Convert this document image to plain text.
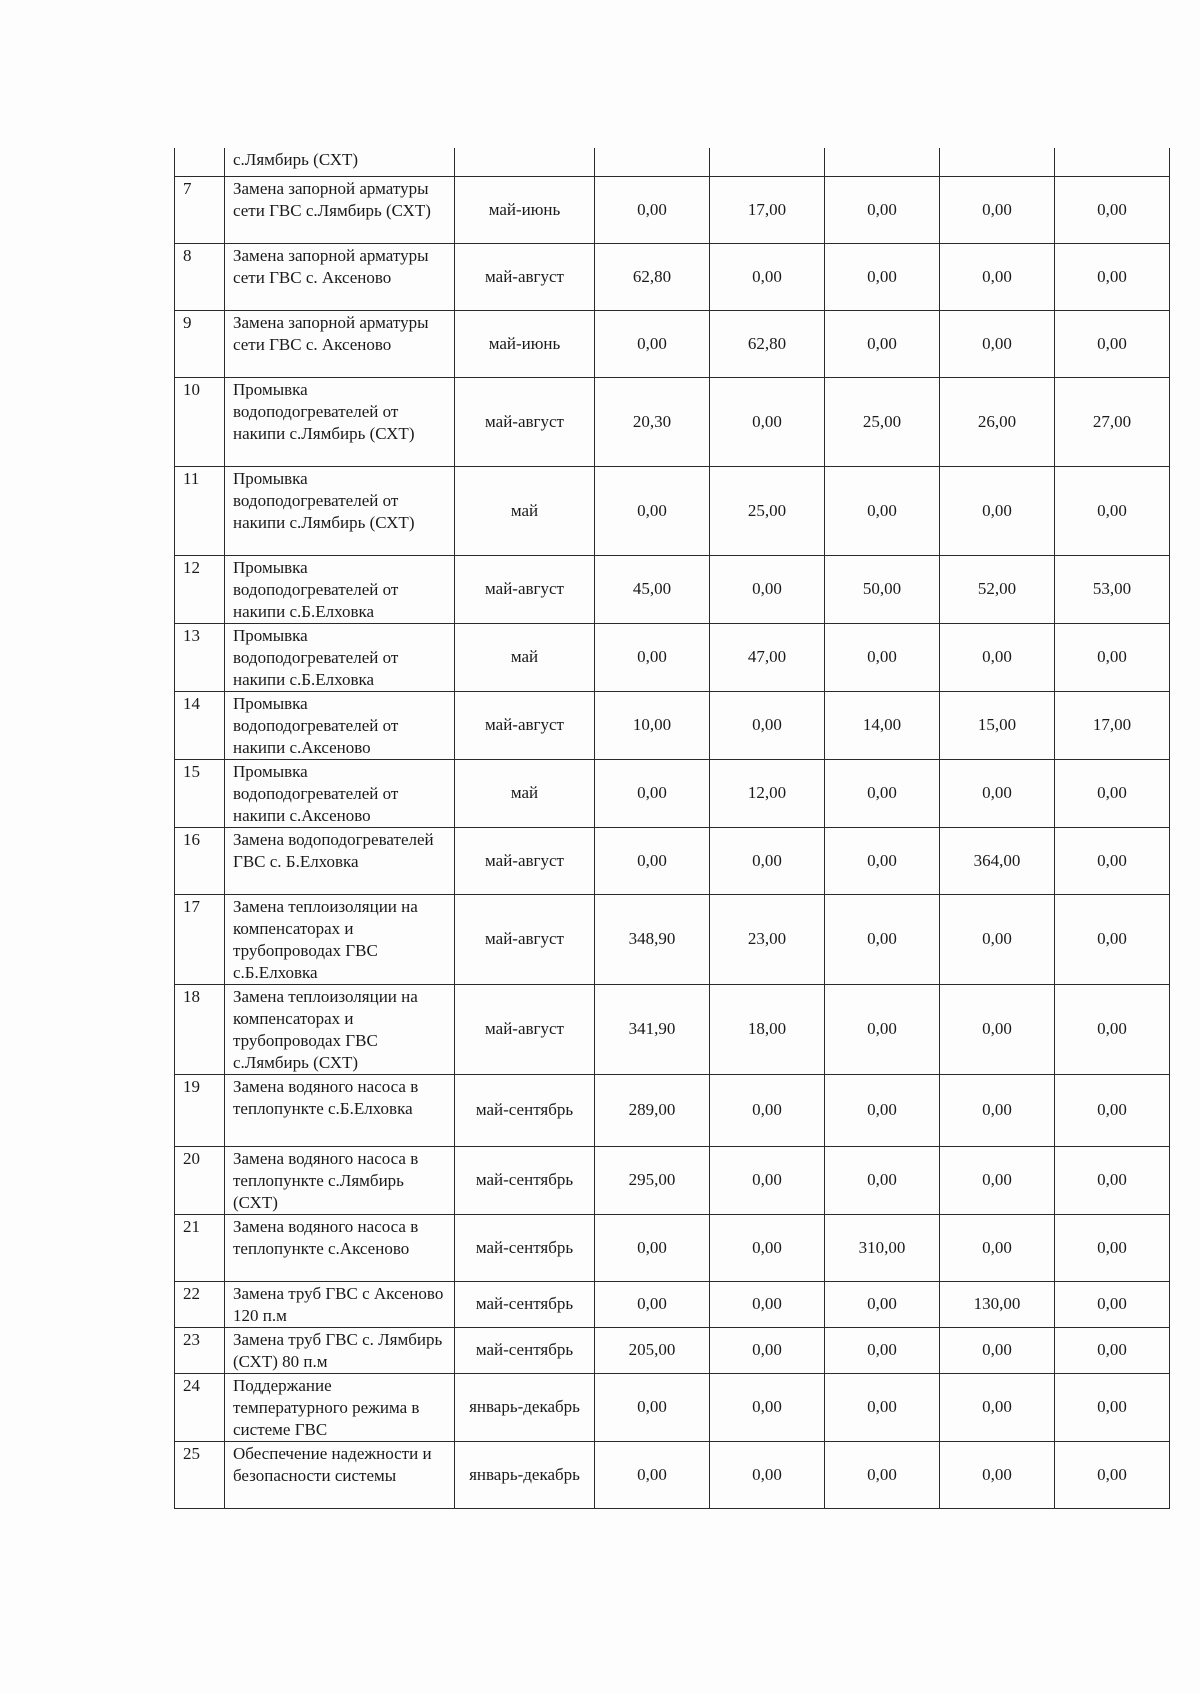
	с.Лямбирь (СХТ)						
7	Замена запорной арматуры сети ГВС с.Лямбирь (СХТ)	май-июнь	0,00	17,00	0,00	0,00	0,00
8	Замена запорной арматуры сети ГВС с. Аксеново	май-август	62,80	0,00	0,00	0,00	0,00
9	Замена запорной арматуры сети ГВС с. Аксеново	май-июнь	0,00	62,80	0,00	0,00	0,00
10	Промывка водоподогревателей от накипи с.Лямбирь (СХТ)	май-август	20,30	0,00	25,00	26,00	27,00
11	Промывка водоподогревателей от накипи с.Лямбирь (СХТ)	май	0,00	25,00	0,00	0,00	0,00
12	Промывка водоподогревателей от накипи с.Б.Елховка	май-август	45,00	0,00	50,00	52,00	53,00
13	Промывка водоподогревателей от накипи с.Б.Елховка	май	0,00	47,00	0,00	0,00	0,00
14	Промывка водоподогревателей от накипи с.Аксеново	май-август	10,00	0,00	14,00	15,00	17,00
15	Промывка водоподогревателей от накипи с.Аксеново	май	0,00	12,00	0,00	0,00	0,00
16	Замена водоподогревателей ГВС с. Б.Елховка	май-август	0,00	0,00	0,00	364,00	0,00
17	Замена теплоизоляции на компенсаторах и трубопроводах ГВС с.Б.Елховка	май-август	348,90	23,00	0,00	0,00	0,00
18	Замена теплоизоляции на компенсаторах и трубопроводах ГВС с.Лямбирь (СХТ)	май-август	341,90	18,00	0,00	0,00	0,00
19	Замена водяного насоса в теплопункте с.Б.Елховка	май-сентябрь	289,00	0,00	0,00	0,00	0,00
20	Замена водяного насоса в теплопункте с.Лямбирь (СХТ)	май-сентябрь	295,00	0,00	0,00	0,00	0,00
21	Замена водяного насоса в теплопункте с.Аксеново	май-сентябрь	0,00	0,00	310,00	0,00	0,00
22	Замена труб ГВС с Аксеново 120 п.м	май-сентябрь	0,00	0,00	0,00	130,00	0,00
23	Замена труб ГВС с. Лямбирь (СХТ) 80 п.м	май-сентябрь	205,00	0,00	0,00	0,00	0,00
24	Поддержание температурного режима в системе ГВС	январь-декабрь	0,00	0,00	0,00	0,00	0,00
25	Обеспечение надежности и безопасности системы	январь-декабрь	0,00	0,00	0,00	0,00	0,00
